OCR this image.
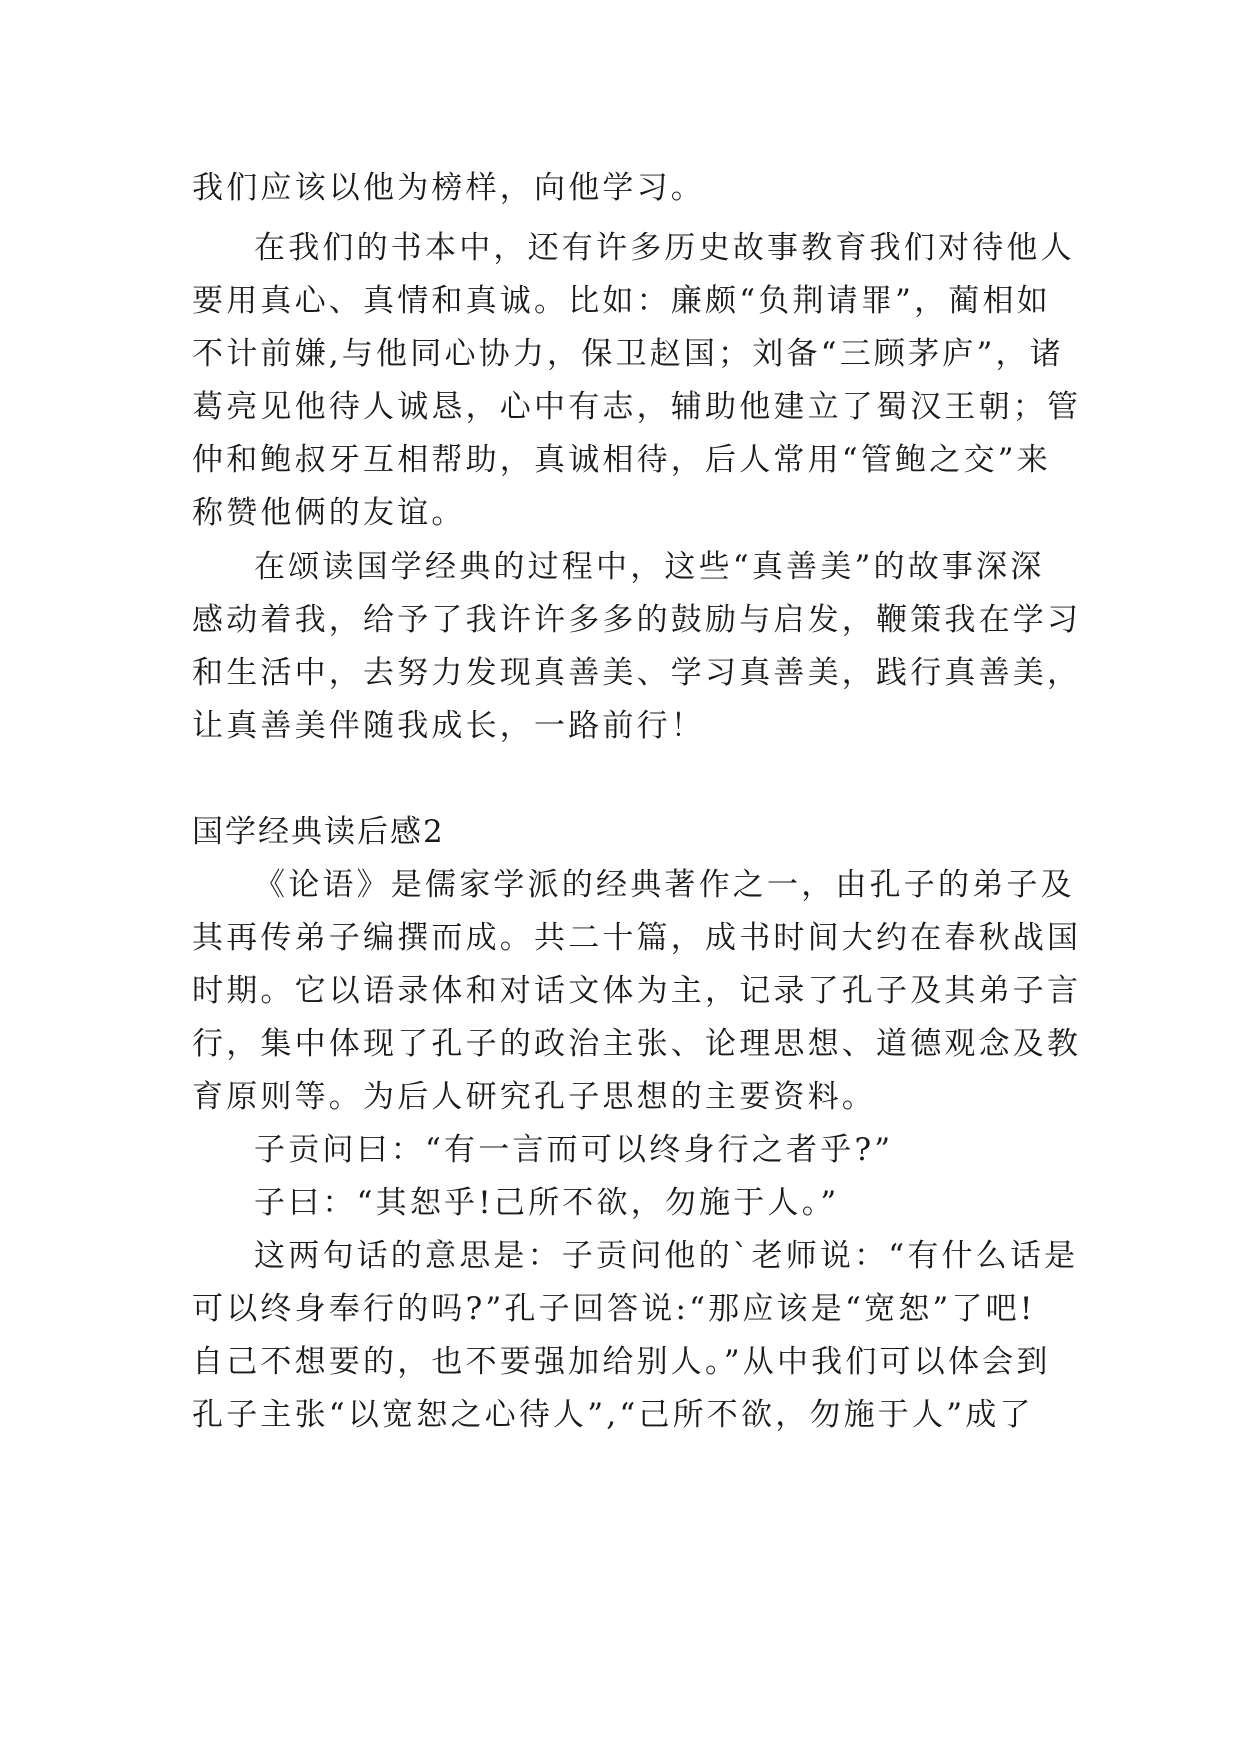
我们应该以他为榜样，向他学习。
在我们的书本中，还有许多历史故事教育我们对待他人
要用真心、真情和真诚。比如：廉颇“负荆请罪”，蔺相如
不计前嫌,与他同心协力，保卫赵国；刘备“三顾茅庐”，诸
葛亮见他待人诚恳，心中有志，辅助他建立了蜀汉王朝；管
仲和鲍叔牙互相帮助，真诚相待，后人常用“管鲍之交”来
称赞他俩的友谊。
在颂读国学经典的过程中，这些“真善美”的故事深深
感动着我，给予了我许许多多的鼓励与启发，鞭策我在学习
和生活中，去努力发现真善美、学习真善美，践行真善美，
让真善美伴随我成长，一路前行！
国学经典读后感2
《论语》是儒家学派的经典著作之一，由孔子的弟子及
其再传弟子编撰而成。共二十篇，成书时间大约在春秋战国
时期。它以语录体和对话文体为主，记录了孔子及其弟子言
行，集中体现了孔子的政治主张、论理思想、道德观念及教
育原则等。为后人研究孔子思想的主要资料。
子贡问曰：“有一言而可以终身行之者乎?”
子曰：“其恕乎!己所不欲，勿施于人。”
这两句话的意思是：子贡问他的`老师说：“有什么话是
可以终身奉行的吗?”孔子回答说:“那应该是“宽恕”了吧!
自己不想要的，也不要强加给别人。”从中我们可以体会到
孔子主张“以宽恕之心待人”,“己所不欲，勿施于人”成了
